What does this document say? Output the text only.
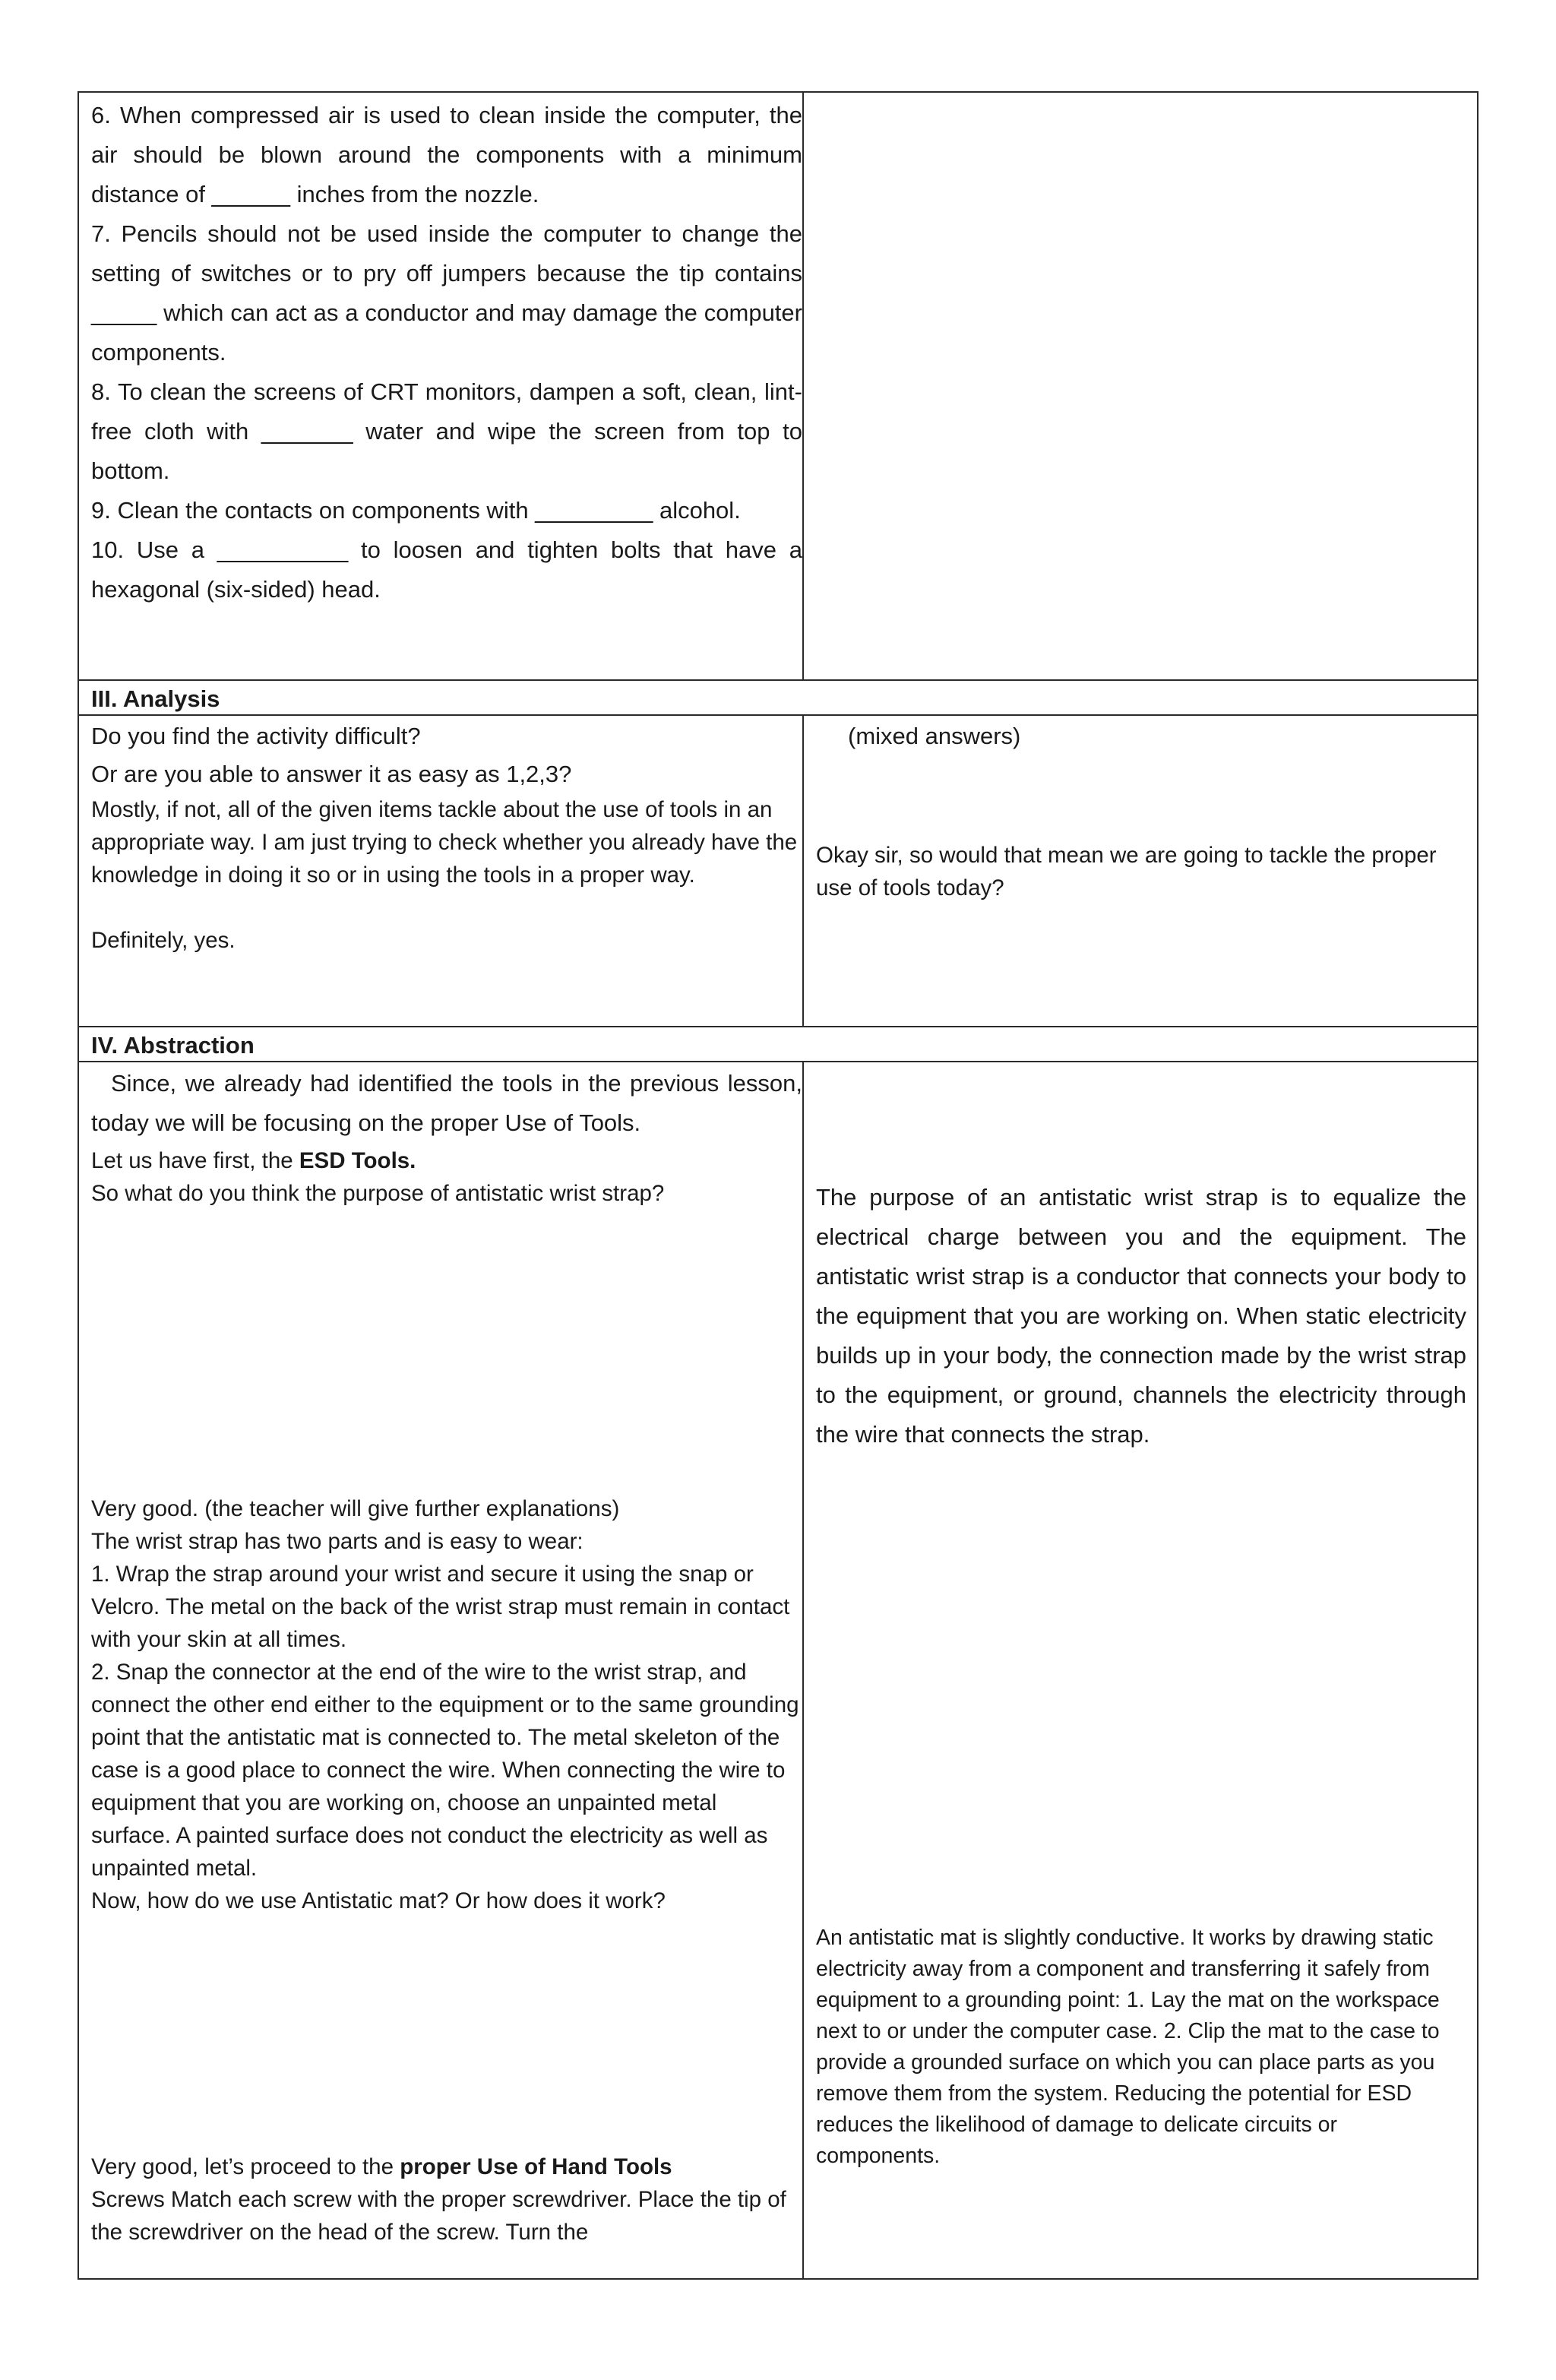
6. When compressed air is used to clean inside the computer, the air should be blown around the components with a minimum distance of ______ inches from the nozzle.

7. Pencils should not be used inside the computer to change the setting of switches or to pry off jumpers because the tip contains _____ which can act as a conductor and may damage the computer components.

8. To clean the screens of CRT monitors, dampen a soft, clean, lint-free cloth with _______ water and wipe the screen from top to bottom.

9. Clean the contacts on components with _________ alcohol.

10. Use a __________ to loosen and tighten bolts that have a hexagonal (six-sided) head.

III. Analysis

Do you find the activity difficult?

Or are you able to answer it as easy as 1,2,3?

Mostly, if not, all of the given items tackle about the use of tools in an appropriate way. I am just trying to check whether you already have the knowledge in doing it so or in using the tools in a proper way.

Definitely, yes.

(mixed answers)

Okay sir, so would that mean we are going to tackle the proper use of tools today?

IV. Abstraction

Since, we already had identified the tools in the previous lesson, today we will be focusing on the proper Use of Tools.

Let us have first, the ESD Tools.

So what do you think the purpose of antistatic wrist strap?

Very good. (the teacher will give further explanations)

The wrist strap has two parts and is easy to wear:

1. Wrap the strap around your wrist and secure it using the snap or Velcro. The metal on the back of the wrist strap must remain in contact with your skin at all times.

2. Snap the connector at the end of the wire to the wrist strap, and connect the other end either to the equipment or to the same grounding point that the antistatic mat is connected to. The metal skeleton of the case is a good place to connect the wire. When connecting the wire to equipment that you are working on, choose an unpainted metal surface. A painted surface does not conduct the electricity as well as unpainted metal.

Now, how do we use Antistatic mat? Or how does it work?

Very good, let’s proceed to the proper Use of Hand Tools

Screws Match each screw with the proper screwdriver. Place the tip of the screwdriver on the head of the screw. Turn the

The purpose of an antistatic wrist strap is to equalize the electrical charge between you and the equipment. The antistatic wrist strap is a conductor that connects your body to the equipment that you are working on. When static electricity builds up in your body, the connection made by the wrist strap to the equipment, or ground, channels the electricity through the wire that connects the strap.

An antistatic mat is slightly conductive. It works by drawing static electricity away from a component and transferring it safely from equipment to a grounding point: 1. Lay the mat on the workspace next to or under the computer case. 2. Clip the mat to the case to provide a grounded surface on which you can place parts as you remove them from the system. Reducing the potential for ESD reduces the likelihood of damage to delicate circuits or components.
